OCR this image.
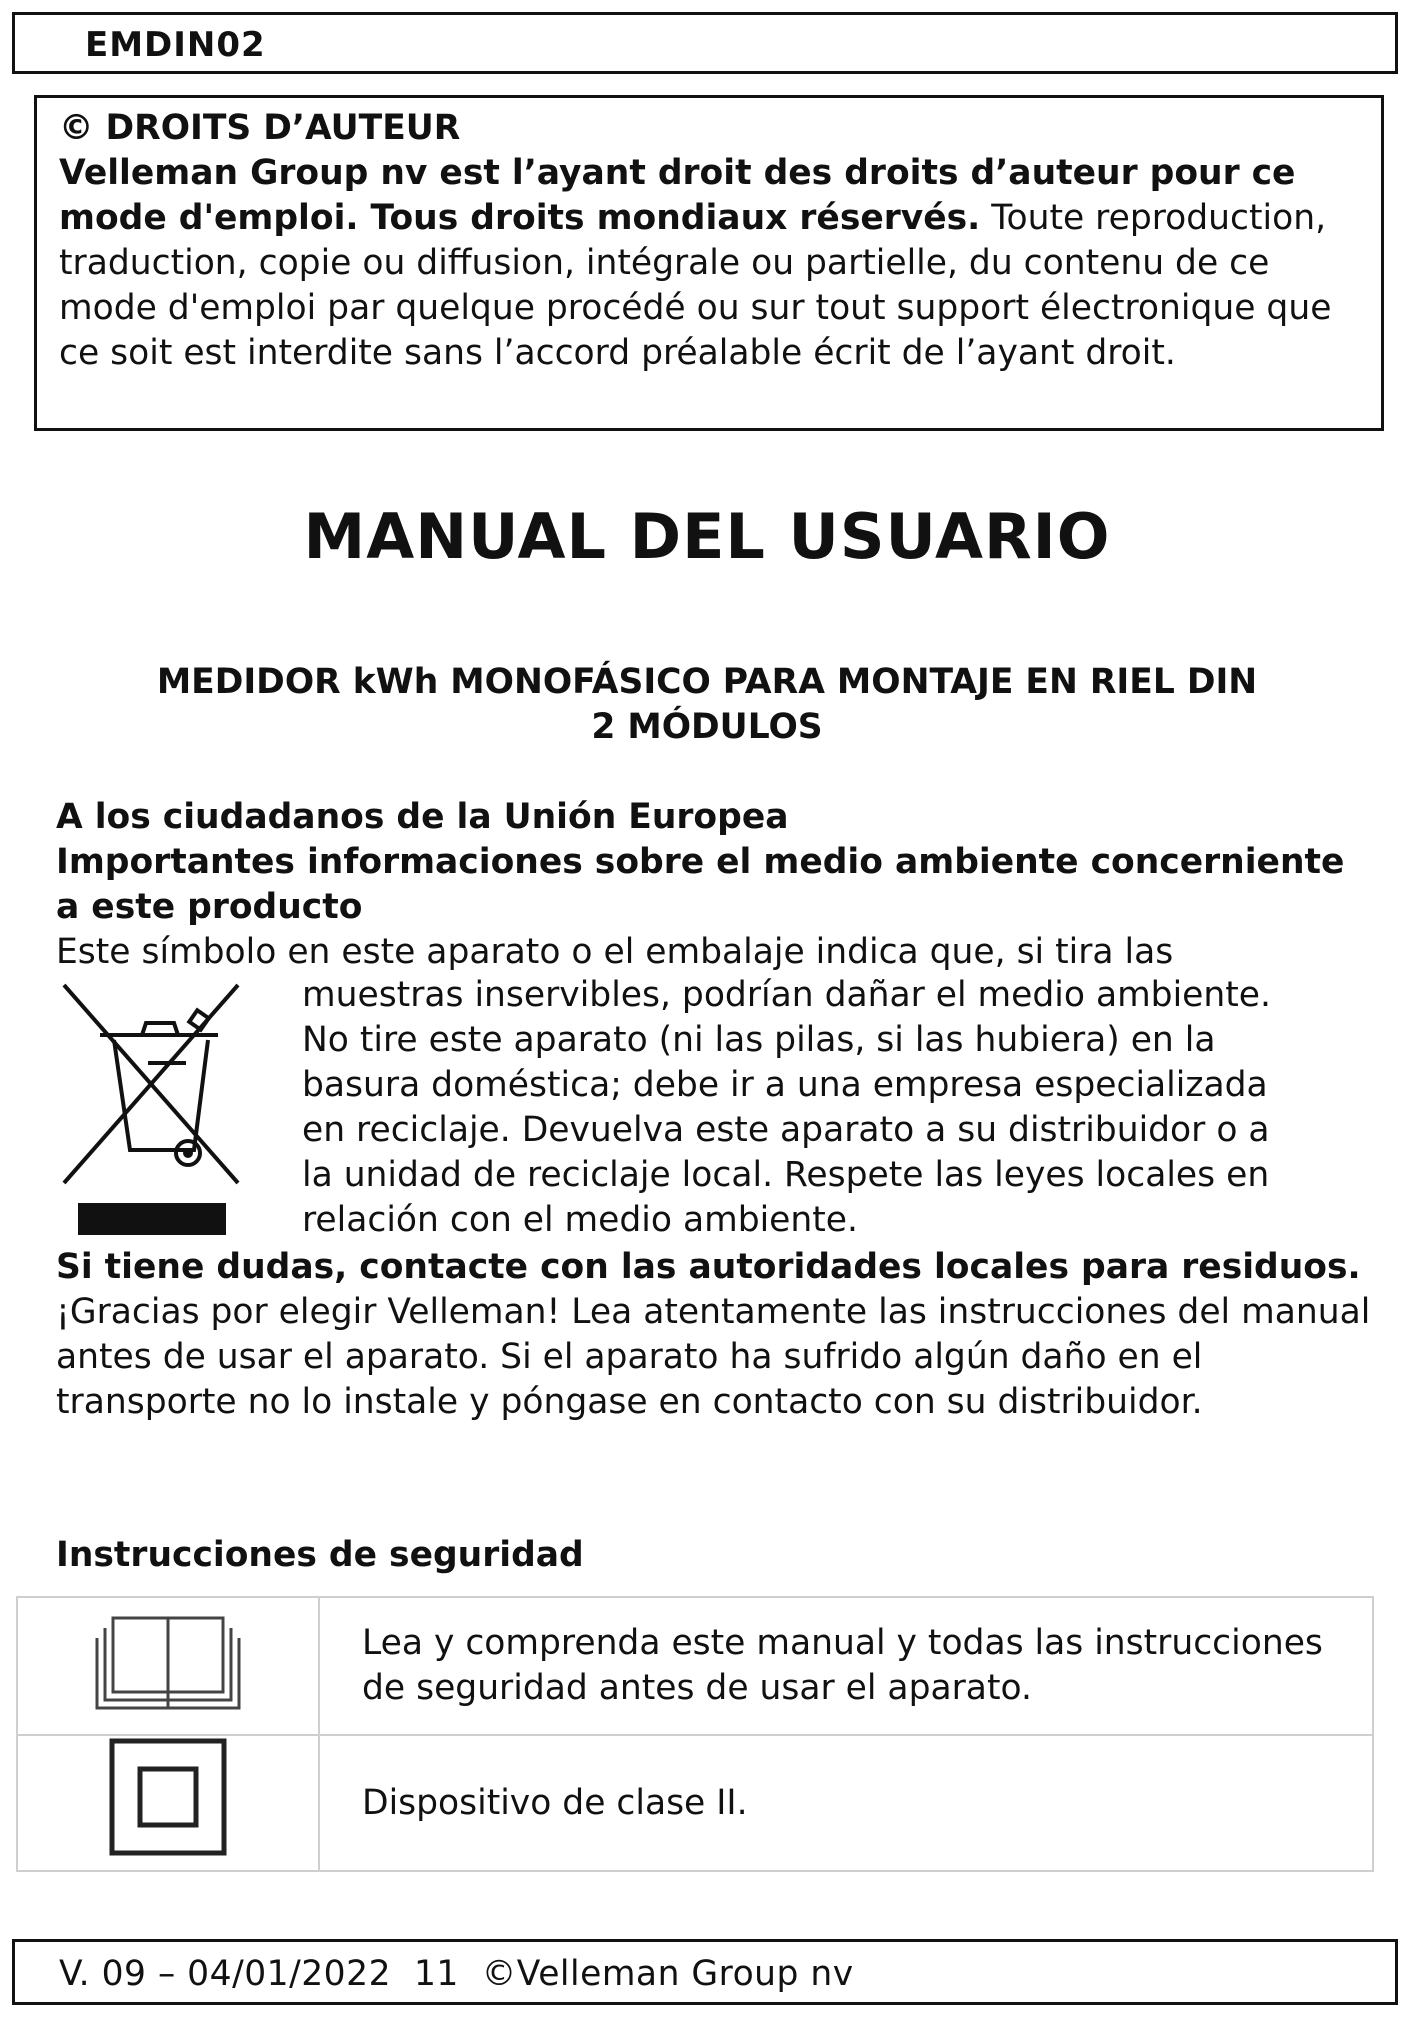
EMDIN02
© DROITS D’AUTEUR
Velleman Group nv est l’ayant droit des droits d’auteur pour ce mode d'emploi. Tous droits mondiaux réservés. Toute reproduction, traduction, copie ou diffusion, intégrale ou partielle, du contenu de ce mode d'emploi par quelque procédé ou sur tout support électronique que ce soit est interdite sans l’accord préalable écrit de l’ayant droit.
MANUAL DEL USUARIO
MEDIDOR kWh MONOFÁSICO PARA MONTAJE EN RIEL DIN
2 MÓDULOS
A los ciudadanos de la Unión Europea
Importantes informaciones sobre el medio ambiente concerniente a este producto
Este símbolo en este aparato o el embalaje indica que, si tira las
muestras inservibles, podrían dañar el medio ambiente.
No tire este aparato (ni las pilas, si las hubiera) en la
basura doméstica; debe ir a una empresa especializada
en reciclaje. Devuelva este aparato a su distribuidor o a
la unidad de reciclaje local. Respete las leyes locales en
relación con el medio ambiente.
Si tiene dudas, contacte con las autoridades locales para residuos.
¡Gracias por elegir Velleman! Lea atentamente las instrucciones del manual antes de usar el aparato. Si el aparato ha sufrido algún daño en el transporte no lo instale y póngase en contacto con su distribuidor.
Instrucciones de seguridad
	Lea y comprenda este manual y todas las instrucciones de seguridad antes de usar el aparato.
	Dispositivo de clase II.
V. 09 – 04/01/2022  11  ©Velleman Group nv
